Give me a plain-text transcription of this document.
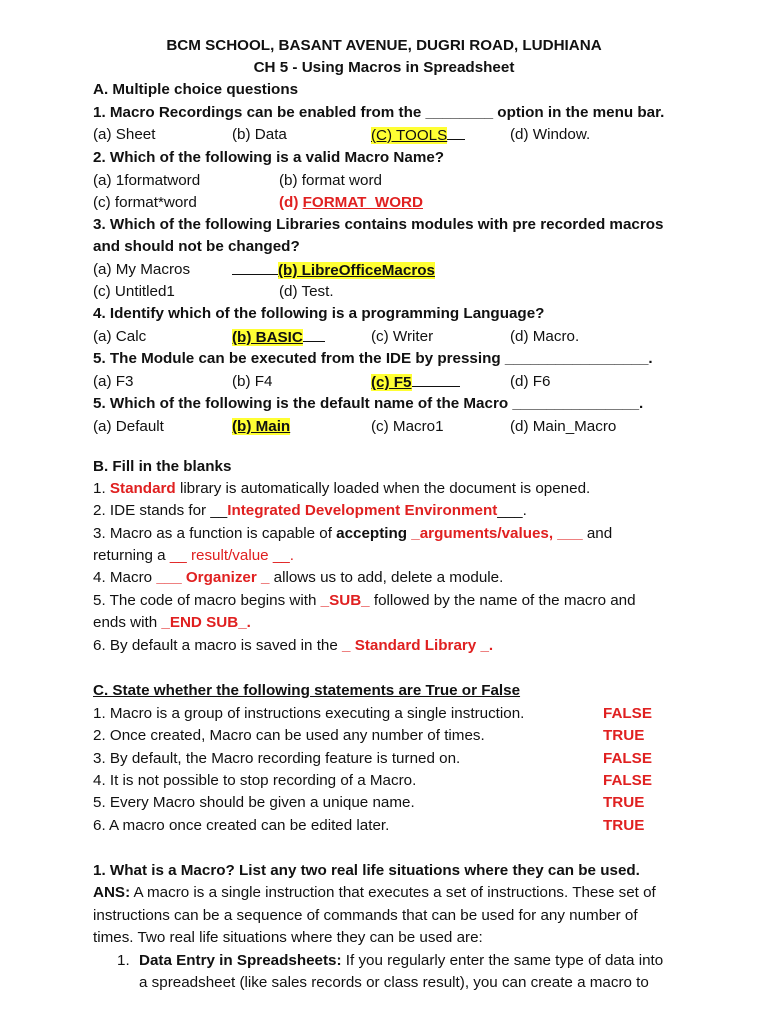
BCM SCHOOL, BASANT AVENUE, DUGRI ROAD, LUDHIANA
CH 5 - Using Macros in Spreadsheet
A. Multiple choice questions
1. Macro Recordings can be enabled from the ________ option in the menu bar.
(a) Sheet	(b) Data	(C) TOOLS	(d) Window.
2. Which of the following is a valid Macro Name?
(a) 1formatword	(b) format word
(c) format*word	(d) FORMAT_WORD
3. Which of the following Libraries contains modules with pre recorded macros
and should not be changed?
(a) My Macros	(b) LibreOfficeMacros
(c) Untitled1	(d) Test.
4. Identify which of the following is a programming Language?
(a) Calc	(b) BASIC	(c) Writer	(d) Macro.
5. The Module can be executed from the IDE by pressing _________________.
(a) F3	(b) F4	(c) F5	(d) F6
5. Which of the following is the default name of the Macro _______________.
(a) Default	(b) Main	(c) Macro1	(d) Main_Macro
B. Fill in the blanks
1. Standard library is automatically loaded when the document is opened.
2. IDE stands for __Integrated Development Environment___.
3. Macro as a function is capable of accepting _arguments/values, ___ and
returning a __ result/value __.
4. Macro ___ Organizer _ allows us to add, delete a module.
5. The code of macro begins with _SUB_ followed by the name of the macro and
ends with _END SUB_.
6. By default a macro is saved in the _ Standard Library _.
C. State whether the following statements are True or False
1. Macro is a group of instructions executing a single instruction.	FALSE
2. Once created, Macro can be used any number of times.	TRUE
3. By default, the Macro recording feature is turned on.	FALSE
4. It is not possible to stop recording of a Macro.	FALSE
5. Every Macro should be given a unique name.	TRUE
6. A macro once created can be edited later.	TRUE
1. What is a Macro? List any two real life situations where they can be used.
ANS: A macro is a single instruction that executes a set of instructions. These set of
instructions can be a sequence of commands that can be used for any number of
times. Two real life situations where they can be used are:
1. Data Entry in Spreadsheets: If you regularly enter the same type of data into
a spreadsheet (like sales records or class result), you can create a macro to
